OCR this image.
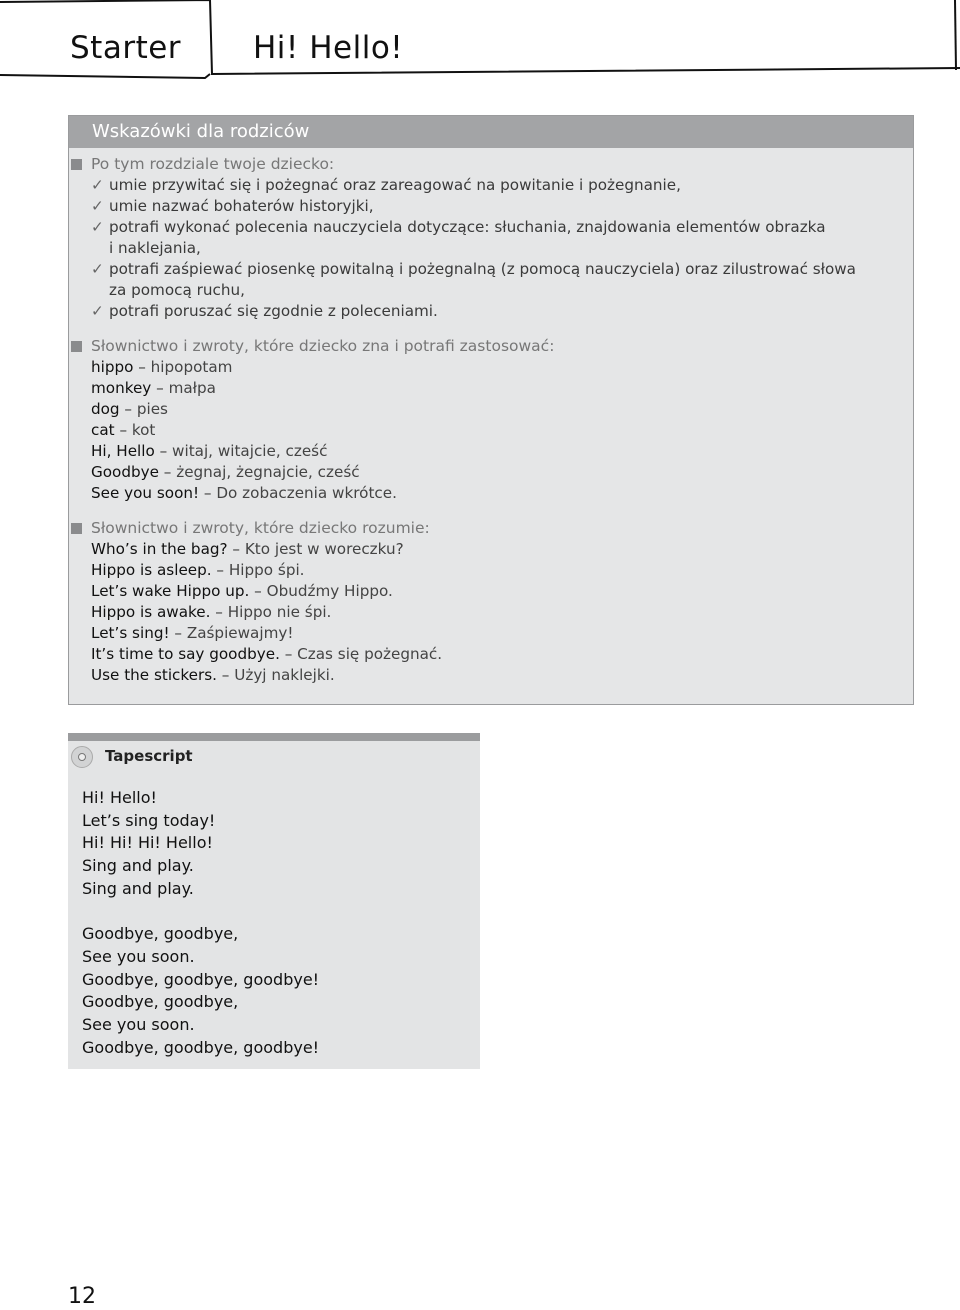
Starter Hi! Hello!
Wskazówki dla rodziców
Po tym rozdziale twoje dziecko:
✓ umie przywitać się i pożegnać oraz zareagować na powitanie i pożegnanie,
✓ umie nazwać bohaterów historyjki,
✓ potrafi wykonać polecenia nauczyciela dotyczące: słuchania, znajdowania elementów obrazka
i naklejania,
✓ potrafi zaśpiewać piosenkę powitalną i pożegnalną (z pomocą nauczyciela) oraz zilustrować słowa
za pomocą ruchu,
✓ potrafi poruszać się zgodnie z poleceniami.
Słownictwo i zwroty, które dziecko zna i potrafi zastosować:
hippo – hipopotam
monkey – małpa
dog – pies
cat – kot
Hi, Hello – witaj, witajcie, cześć
Goodbye – żegnaj, żegnajcie, cześć
See you soon! – Do zobaczenia wkrótce.
Słownictwo i zwroty, które dziecko rozumie:
Who’s in the bag? – Kto jest w woreczku?
Hippo is asleep. – Hippo śpi.
Let’s wake Hippo up. – Obudźmy Hippo.
Hippo is awake. – Hippo nie śpi.
Let’s sing! – Zaśpiewajmy!
It’s time to say goodbye. – Czas się pożegnać.
Use the stickers. – Użyj naklejki.
Tapescript
Hi! Hello!
Let’s sing today!
Hi! Hi! Hi! Hello!
Sing and play.
Sing and play.
Goodbye, goodbye,
See you soon.
Goodbye, goodbye, goodbye!
Goodbye, goodbye,
See you soon.
Goodbye, goodbye, goodbye!
12
